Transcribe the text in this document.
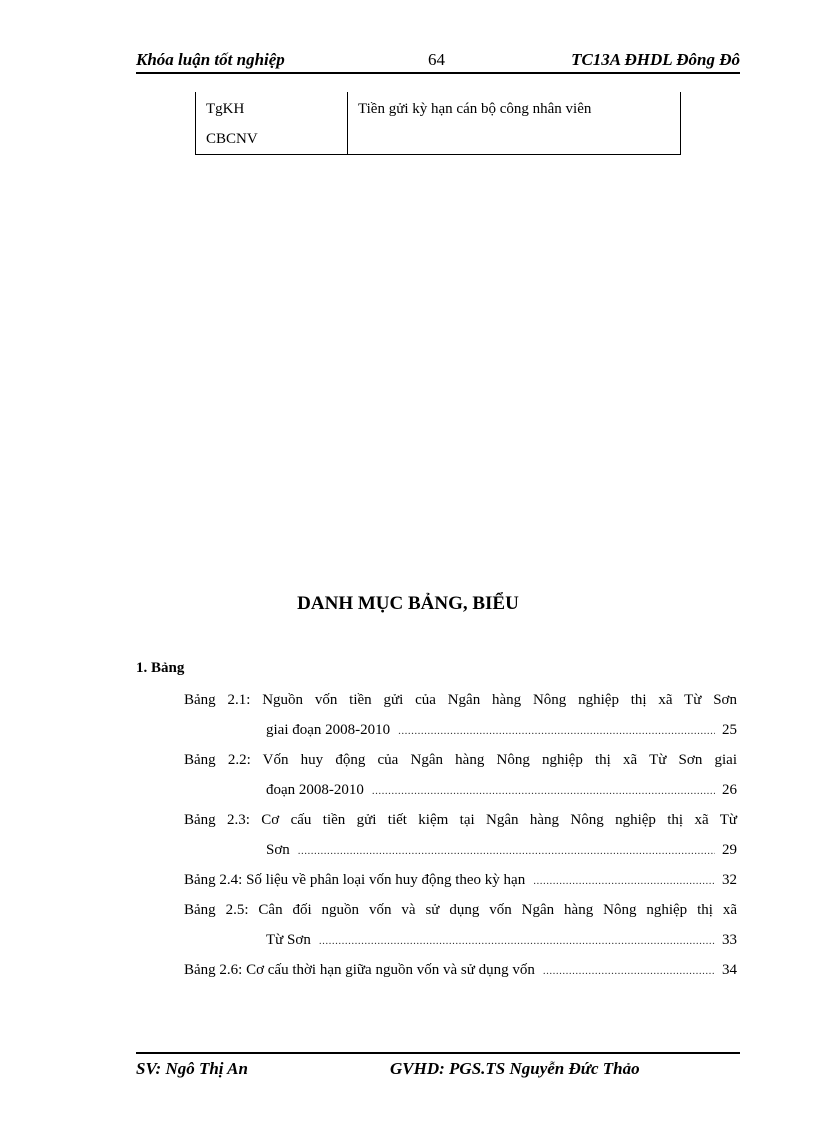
Khóa luận tốt nghiệp	64	TC13A ĐHDL Đông Đô
TgKH
CBCNV
	Tiền gửi kỳ hạn cán bộ công nhân viên
DANH MỤC BẢNG, BIỂU
1. Bảng
Bảng 2.1: Nguồn vốn tiền gửi của Ngân hàng Nông nghiệp thị xã Từ Sơn
giai đoạn 2008-2010 .....	25
Bảng 2.2: Vốn huy động của Ngân hàng Nông nghiệp thị xã Từ Sơn giai
đoạn 2008-2010 .....	26
Bảng 2.3: Cơ cấu tiền gửi tiết kiệm tại Ngân hàng Nông nghiệp thị xã Từ
Sơn .....	29
Bảng 2.4: Số liệu về phân loại vốn huy động theo kỳ hạn .....	32
Bảng 2.5: Cân đối nguồn vốn và sử dụng vốn Ngân hàng Nông nghiệp thị xã
Từ Sơn .....	33
Bảng 2.6: Cơ cấu thời hạn giữa nguồn vốn và sử dụng vốn .....	34
SV: Ngô Thị An	GVHD: PGS.TS Nguyễn Đức Thảo
